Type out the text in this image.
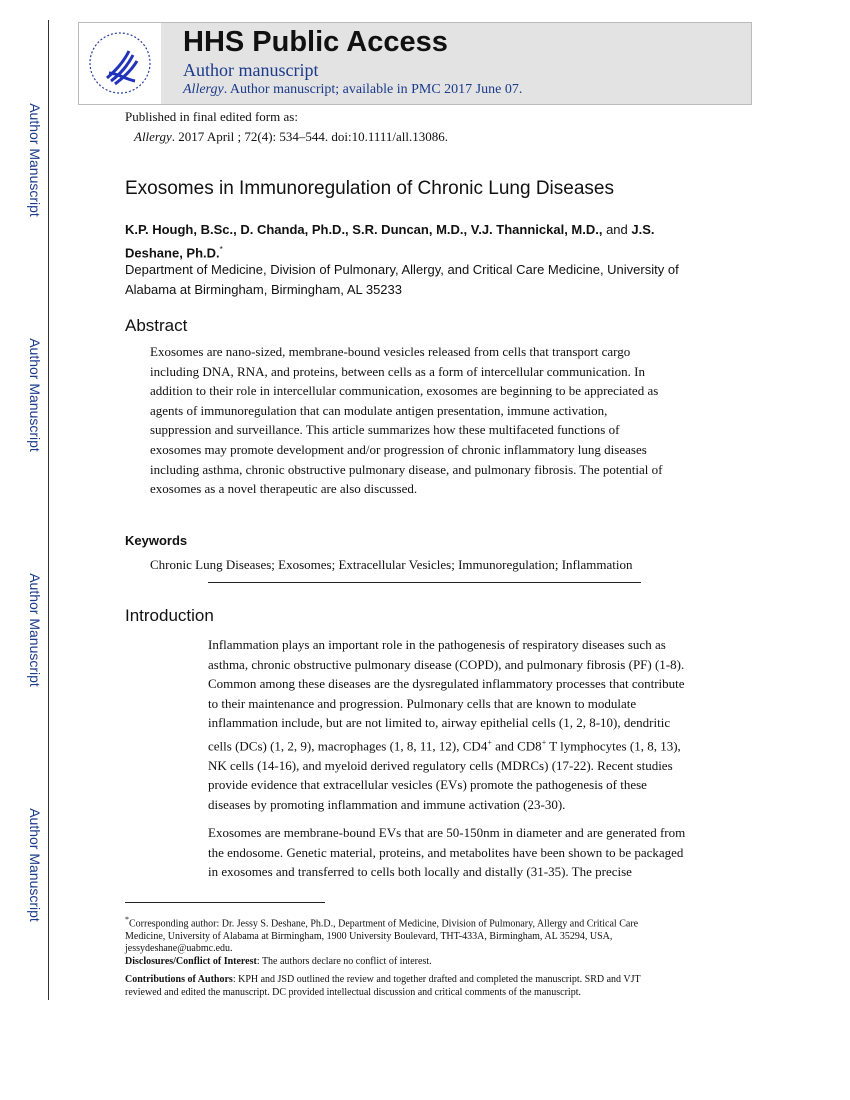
Author Manuscript
Author Manuscript
Author Manuscript
Author Manuscript
HHS Public Access
Author manuscript
Allergy. Author manuscript; available in PMC 2017 June 07.
Published in final edited form as:
Allergy. 2017 April ; 72(4): 534–544. doi:10.1111/all.13086.
Exosomes in Immunoregulation of Chronic Lung Diseases
K.P. Hough, B.Sc., D. Chanda, Ph.D., S.R. Duncan, M.D., V.J. Thannickal, M.D., and J.S.
Deshane, Ph.D.*
Department of Medicine, Division of Pulmonary, Allergy, and Critical Care Medicine, University of
Alabama at Birmingham, Birmingham, AL 35233
Abstract
Exosomes are nano-sized, membrane-bound vesicles released from cells that transport cargo
including DNA, RNA, and proteins, between cells as a form of intercellular communication. In
addition to their role in intercellular communication, exosomes are beginning to be appreciated as
agents of immunoregulation that can modulate antigen presentation, immune activation,
suppression and surveillance. This article summarizes how these multifaceted functions of
exosomes may promote development and/or progression of chronic inflammatory lung diseases
including asthma, chronic obstructive pulmonary disease, and pulmonary fibrosis. The potential of
exosomes as a novel therapeutic are also discussed.
Keywords
Chronic Lung Diseases; Exosomes; Extracellular Vesicles; Immunoregulation; Inflammation
Introduction
Inflammation plays an important role in the pathogenesis of respiratory diseases such as
asthma, chronic obstructive pulmonary disease (COPD), and pulmonary fibrosis (PF) (1-8).
Common among these diseases are the dysregulated inflammatory processes that contribute
to their maintenance and progression. Pulmonary cells that are known to modulate
inflammation include, but are not limited to, airway epithelial cells (1, 2, 8-10), dendritic
cells (DCs) (1, 2, 9), macrophages (1, 8, 11, 12), CD4+ and CD8+ T lymphocytes (1, 8, 13),
NK cells (14-16), and myeloid derived regulatory cells (MDRCs) (17-22). Recent studies
provide evidence that extracellular vesicles (EVs) promote the pathogenesis of these
diseases by promoting inflammation and immune activation (23-30).
Exosomes are membrane-bound EVs that are 50-150nm in diameter and are generated from
the endosome. Genetic material, proteins, and metabolites have been shown to be packaged
in exosomes and transferred to cells both locally and distally (31-35). The precise
*Corresponding author: Dr. Jessy S. Deshane, Ph.D., Department of Medicine, Division of Pulmonary, Allergy and Critical Care
Medicine, University of Alabama at Birmingham, 1900 University Boulevard, THT-433A, Birmingham, AL 35294, USA,
jessydeshane@uabmc.edu.
Disclosures/Conflict of Interest: The authors declare no conflict of interest.
Contributions of Authors: KPH and JSD outlined the review and together drafted and completed the manuscript. SRD and VJT
reviewed and edited the manuscript. DC provided intellectual discussion and critical comments of the manuscript.
